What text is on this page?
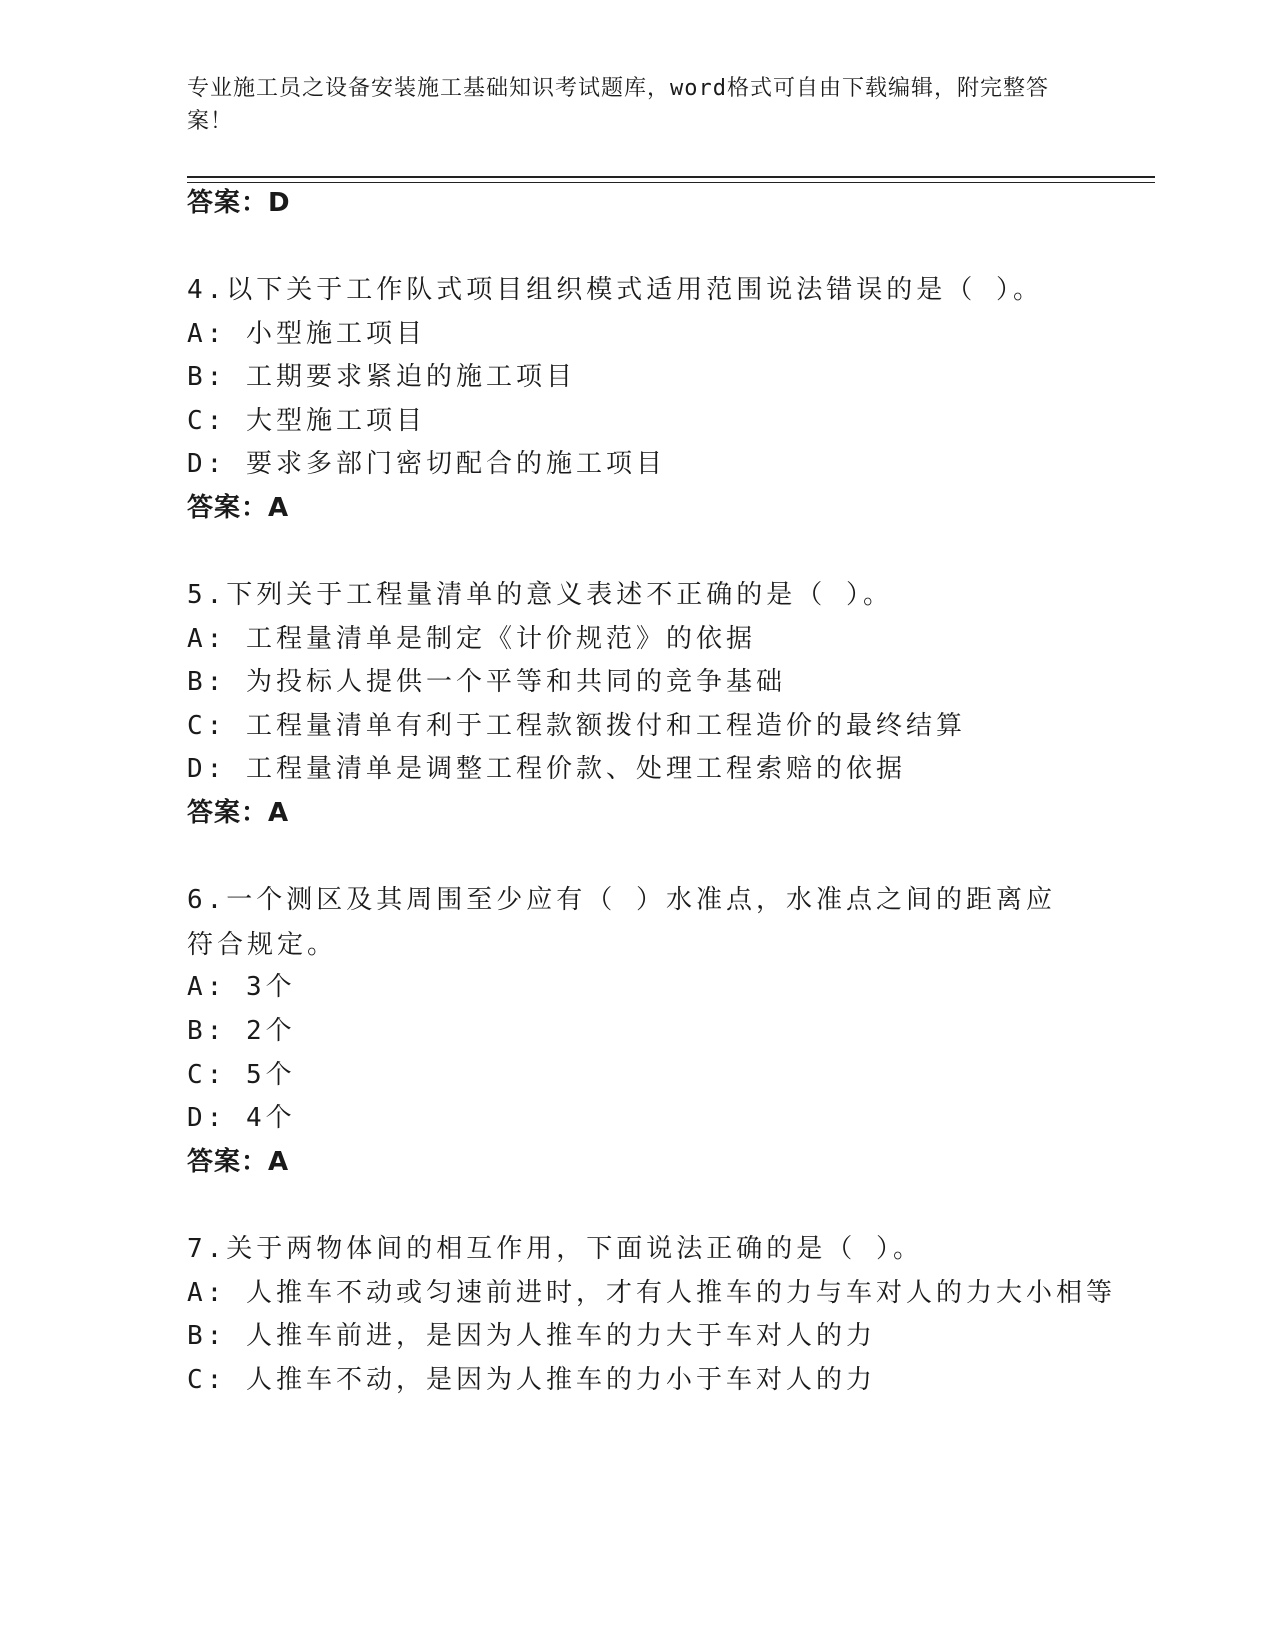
专业施工员之设备安装施工基础知识考试题库，word格式可自由下载编辑，附完整答案！
答案：D
4.以下关于工作队式项目组织模式适用范围说法错误的是（ ）。
A: 小型施工项目
B: 工期要求紧迫的施工项目
C: 大型施工项目
D: 要求多部门密切配合的施工项目
答案：A
5.下列关于工程量清单的意义表述不正确的是（ ）。
A: 工程量清单是制定《计价规范》的依据
B: 为投标人提供一个平等和共同的竞争基础
C: 工程量清单有利于工程款额拨付和工程造价的最终结算
D: 工程量清单是调整工程价款、处理工程索赔的依据
答案：A
6.一个测区及其周围至少应有（ ）水准点，水准点之间的距离应符合规定。
A: 3个
B: 2个
C: 5个
D: 4个
答案：A
7.关于两物体间的相互作用，下面说法正确的是（ ）。
A: 人推车不动或匀速前进时，才有人推车的力与车对人的力大小相等
B: 人推车前进，是因为人推车的力大于车对人的力
C: 人推车不动，是因为人推车的力小于车对人的力
